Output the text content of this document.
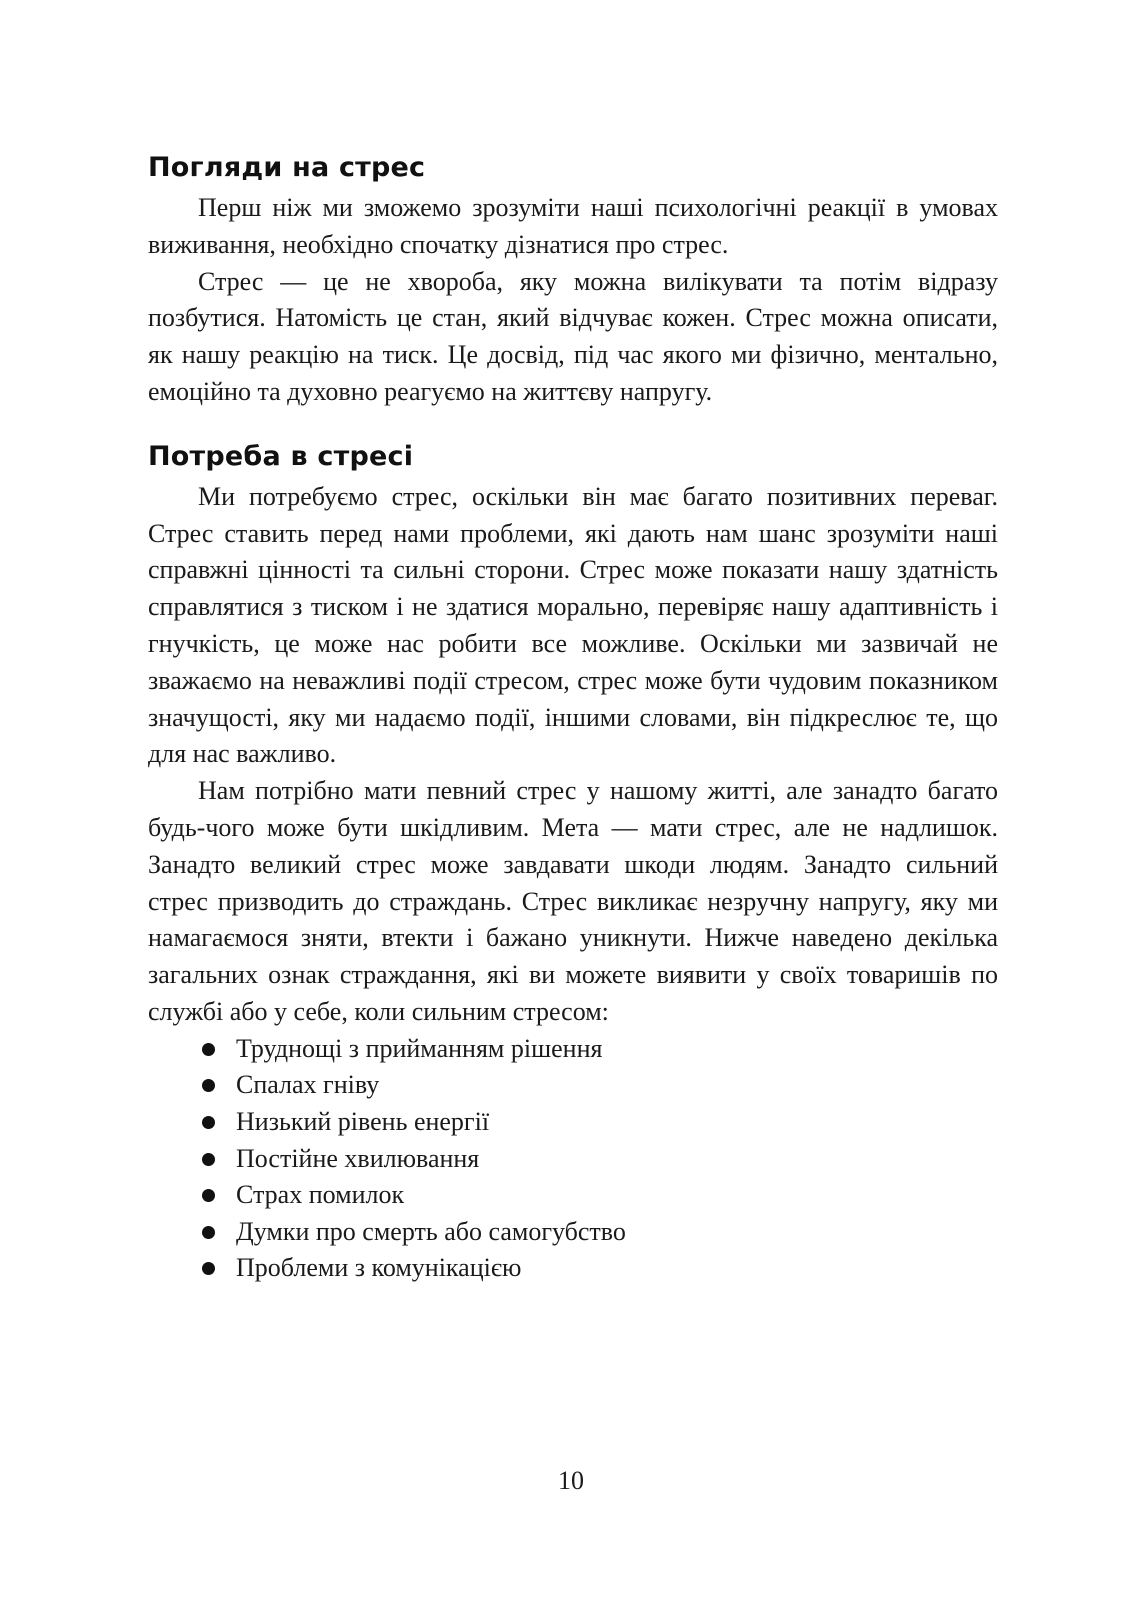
Погляди на стрес

Перш ніж ми зможемо зрозуміти наші психологічні реакції в умовах виживання, необхідно спочатку дізнатися про стрес.

Стрес — це не хвороба, яку можна вилікувати та потім відразу позбутися. Натомість це стан, який відчуває кожен. Стрес можна описати, як нашу реакцію на тиск. Це досвід, під час якого ми фізично, ментально, емоційно та духовно реагуємо на життєву напругу.

Потреба в стресі

Ми потребуємо стрес, оскільки він має багато позитивних переваг. Стрес ставить перед нами проблеми, які дають нам шанс зрозуміти наші справжні цінності та сильні сторони. Стрес може показати нашу здатність справлятися з тиском і не здатися морально, перевіряє нашу адаптивність і гнучкість, це може нас робити все можливе. Оскільки ми зазвичай не зважаємо на неважливі події стресом, стрес може бути чудовим показником значущості, яку ми надаємо події, іншими словами, він підкреслює те, що для нас важливо.

Нам потрібно мати певний стрес у нашому житті, але занадто багато будь-чого може бути шкідливим. Мета — мати стрес, але не надлишок. Занадто великий стрес може завдавати шкоди людям. Занадто сильний стрес призводить до страждань. Стрес викликає незручну напругу, яку ми намагаємося зняти, втекти і бажано уникнути. Нижче наведено декілька загальних ознак страждання, які ви можете виявити у своїх товаришів по службі або у себе, коли сильним стресом:

Труднощі з прийманням рішення
Спалах гніву
Низький рівень енергії
Постійне хвилювання
Страх помилок
Думки про смерть або самогубство
Проблеми з комунікацією
10
